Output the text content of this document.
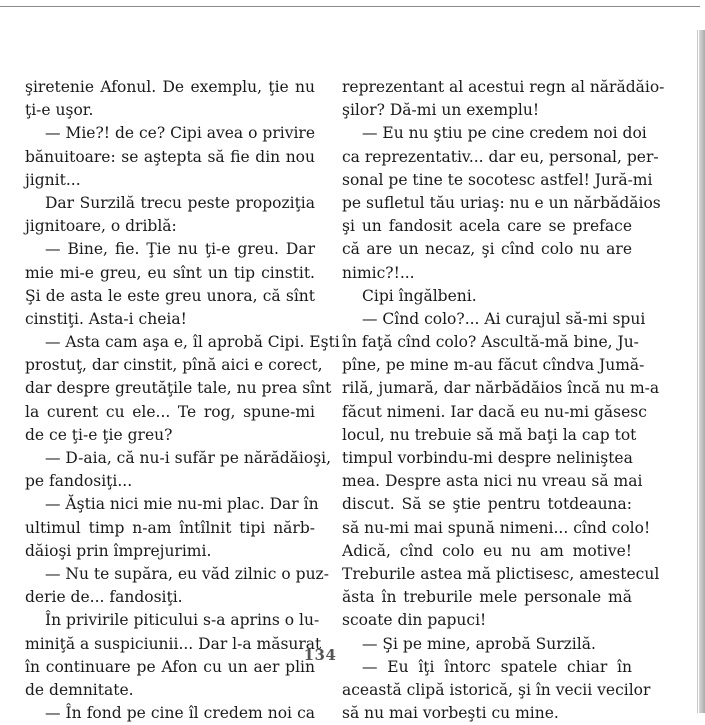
şiretenie Afonul. De exemplu, ţie nu
ţi-e uşor.
— Mie?! de ce? Cipi avea o privire
bănuitoare: se aştepta să fie din nou
jignit...
Dar Surzilă trecu peste propoziţia
jignitoare, o driblă:
— Bine, fie. Ţie nu ţi-e greu. Dar
mie mi-e greu, eu sînt un tip cinstit.
Şi de asta le este greu unora, că sînt
cinstiţi. Asta-i cheia!
— Asta cam aşa e, îl aprobă Cipi. Eşti
prostuţ, dar cinstit, pînă aici e corect,
dar despre greutăţile tale, nu prea sînt
la curent cu ele... Te rog, spune-mi
de ce ţi-e ţie greu?
— D-aia, că nu-i sufăr pe nărădăioşi,
pe fandosiţi...
— Ăştia nici mie nu-mi plac. Dar în
ultimul timp n-am întîlnit tipi nărb-
dăioşi prin împrejurimi.
— Nu te supăra, eu văd zilnic o puz-
derie de... fandosiţi.
În privirile piticului s-a aprins o lu-
miniţă a suspiciunii... Dar l-a măsurat
în continuare pe Afon cu un aer plin
de demnitate.
— În fond pe cine îl credem noi ca
reprezentant al acestui regn al nărădăio-
şilor? Dă-mi un exemplu!
— Eu nu ştiu pe cine credem noi doi
ca reprezentativ... dar eu, personal, per-
sonal pe tine te socotesc astfel! Jură-mi
pe sufletul tău uriaş: nu e un nărbădăios
şi un fandosit acela care se preface
că are un necaz, şi cînd colo nu are
nimic?!...
Cipi îngălbeni.
— Cînd colo?... Ai curajul să-mi spui
în faţă cînd colo? Ascultă-mă bine, Ju-
pîne, pe mine m-au făcut cîndva Jumă-
rilă, jumară, dar nărbădăios încă nu m-a
făcut nimeni. Iar dacă eu nu-mi găsesc
locul, nu trebuie să mă baţi la cap tot
timpul vorbindu-mi despre neliniştea
mea. Despre asta nici nu vreau să mai
discut. Să se ştie pentru totdeauna:
să nu-mi mai spună nimeni... cînd colo!
Adică, cînd colo eu nu am motive!
Treburile astea mă plictisesc, amestecul
ăsta în treburile mele personale mă
scoate din papuci!
— Şi pe mine, aprobă Surzilă.
— Eu îţi întorc spatele chiar în
această clipă istorică, şi în vecii vecilor
să nu mai vorbeşti cu mine.
134
